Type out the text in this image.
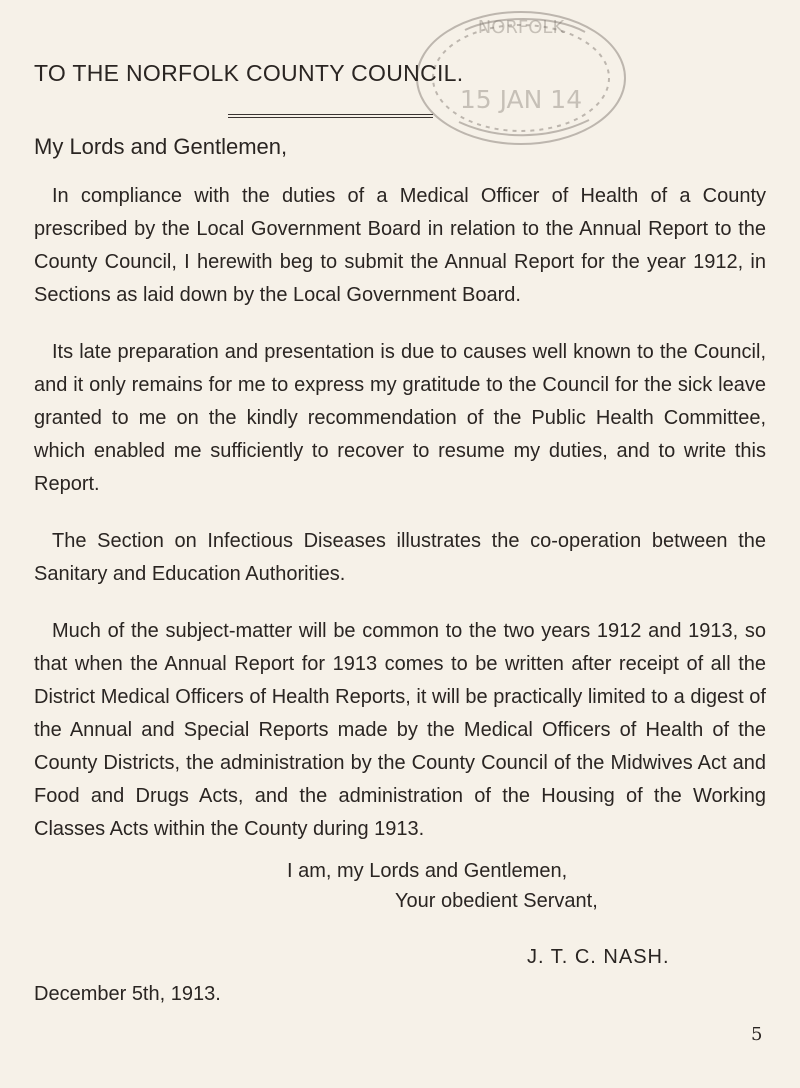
15 JAN 14
NORFOLK
TO THE NORFOLK COUNTY COUNCIL.
My Lords and Gentlemen,

In compliance with the duties of a Medical Officer of Health of a County prescribed by the Local Government Board in relation to the Annual Report to the County Council, I herewith beg to submit the Annual Report for the year 1912, in Sections as laid down by the Local Government Board.

Its late preparation and presentation is due to causes well known to the Council, and it only remains for me to express my gratitude to the Council for the sick leave granted to me on the kindly recommendation of the Public Health Committee, which enabled me sufficiently to recover to resume my duties, and to write this Report.

The Section on Infectious Diseases illustrates the co-operation between the Sanitary and Education Authorities.

Much of the subject-matter will be common to the two years 1912 and 1913, so that when the Annual Report for 1913 comes to be written after receipt of all the District Medical Officers of Health Reports, it will be practically limited to a digest of the Annual and Special Reports made by the Medical Officers of Health of the County Districts, the administration by the County Council of the Midwives Act and Food and Drugs Acts, and the administration of the Housing of the Working Classes Acts within the County during 1913.

I am, my Lords and Gentlemen,
Your obedient Servant,
J. T. C. NASH.
December 5th, 1913.
5
